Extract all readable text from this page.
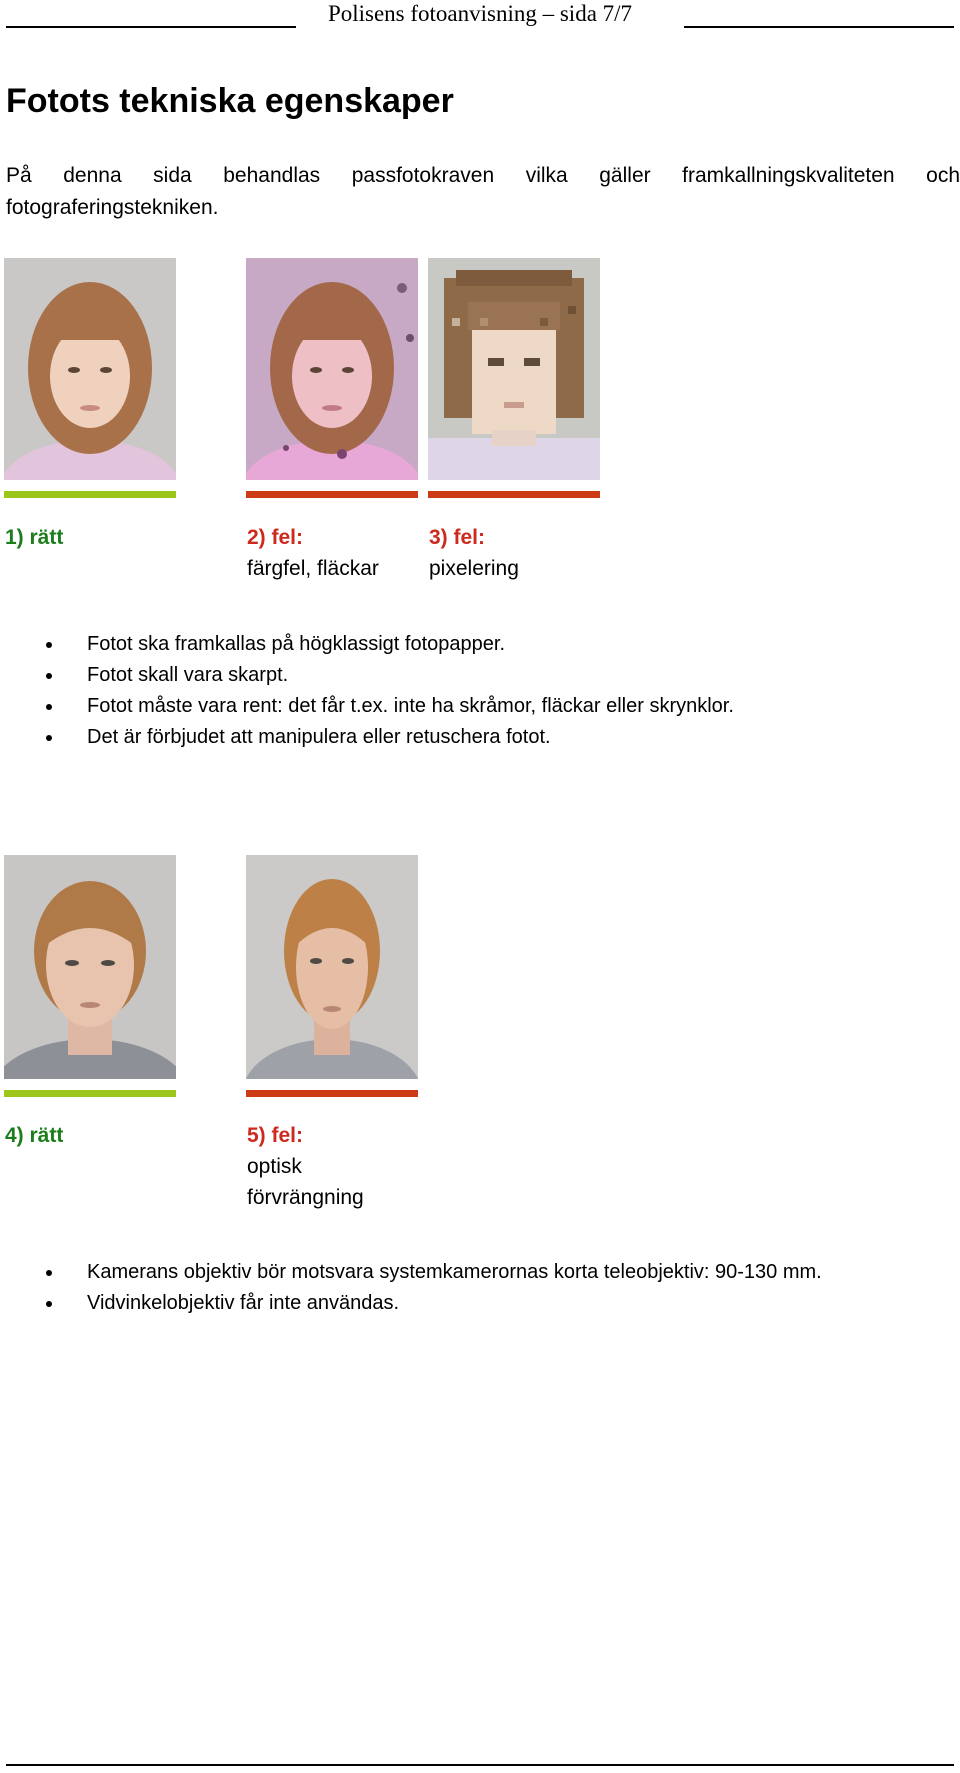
Polisens fotoanvisning – sida 7/7
Fotots tekniska egenskaper

På denna sida behandlas passfotokraven vilka gäller framkallningskvaliteten och fotograferingstekniken.

1) rätt	2) fel:
färgfel, fläckar
3) fel:
pixelering
Fotot ska framkallas på högklassigt fotopapper.
Fotot skall vara skarpt.
Fotot måste vara rent: det får t.ex. inte ha skråmor, fläckar eller skrynklor.
Det är förbjudet att manipulera eller retuschera fotot.
4) rätt	5) fel:
optisk förvrängning
Kamerans objektiv bör motsvara systemkamerornas korta teleobjektiv: 90-130 mm.
Vidvinkelobjektiv får inte användas.
